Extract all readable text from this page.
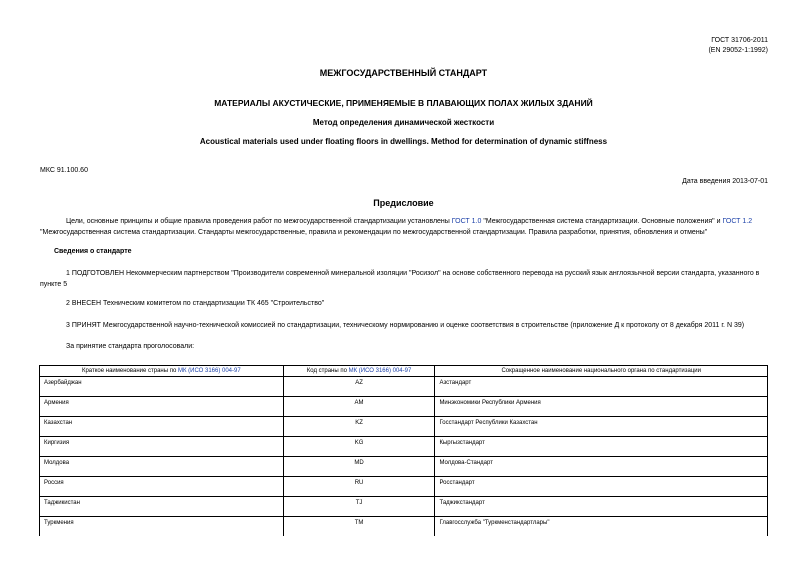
ГОСТ 31706-2011
(EN 29052-1:1992)
МЕЖГОСУДАРСТВЕННЫЙ СТАНДАРТ
МАТЕРИАЛЫ АКУСТИЧЕСКИЕ, ПРИМЕНЯЕМЫЕ В ПЛАВАЮЩИХ ПОЛАХ ЖИЛЫХ ЗДАНИЙ
Метод определения динамической жесткости
Acoustical materials used under floating floors in dwellings. Method for determination of dynamic stiffness
МКС 91.100.60
Дата введения 2013-07-01
Предисловие
Цели, основные принципы и общие правила проведения работ по межгосударственной стандартизации установлены ГОСТ 1.0 "Межгосударственная система стандартизации. Основные положения" и ГОСТ 1.2 "Межгосударственная система стандартизации. Стандарты межгосударственные, правила и рекомендации по межгосударственной стандартизации. Правила разработки, принятия, обновления и отмены"
Сведения о стандарте
1 ПОДГОТОВЛЕН Некоммерческим партнерством "Производители современной минеральной изоляции "Росизол" на основе собственного перевода на русский язык англоязычной версии стандарта, указанного в пункте 5
2 ВНЕСЕН Техническим комитетом по стандартизации ТК 465 "Строительство"
3 ПРИНЯТ Межгосударственной научно-технической комиссией по стандартизации, техническому нормированию и оценке соответствия в строительстве (приложение Д к протоколу от 8 декабря 2011 г. N 39)
За принятие стандарта проголосовали:
Краткое наименование страны по МК (ИСО 3166) 004-97	Код страны по МК (ИСО 3166) 004-97	Сокращенное наименование национального органа по стандартизации
Азербайджан	AZ	Азстандарт
Армения	AM	Минэкономики Республики Армения
Казахстан	KZ	Госстандарт Республики Казахстан
Киргизия	KG	Кыргызстандарт
Молдова	MD	Молдова-Стандарт
Россия	RU	Росстандарт
Таджикистан	TJ	Таджикстандарт
Туркмения	TM	Главгосслужба "Туркменстандартлары"
